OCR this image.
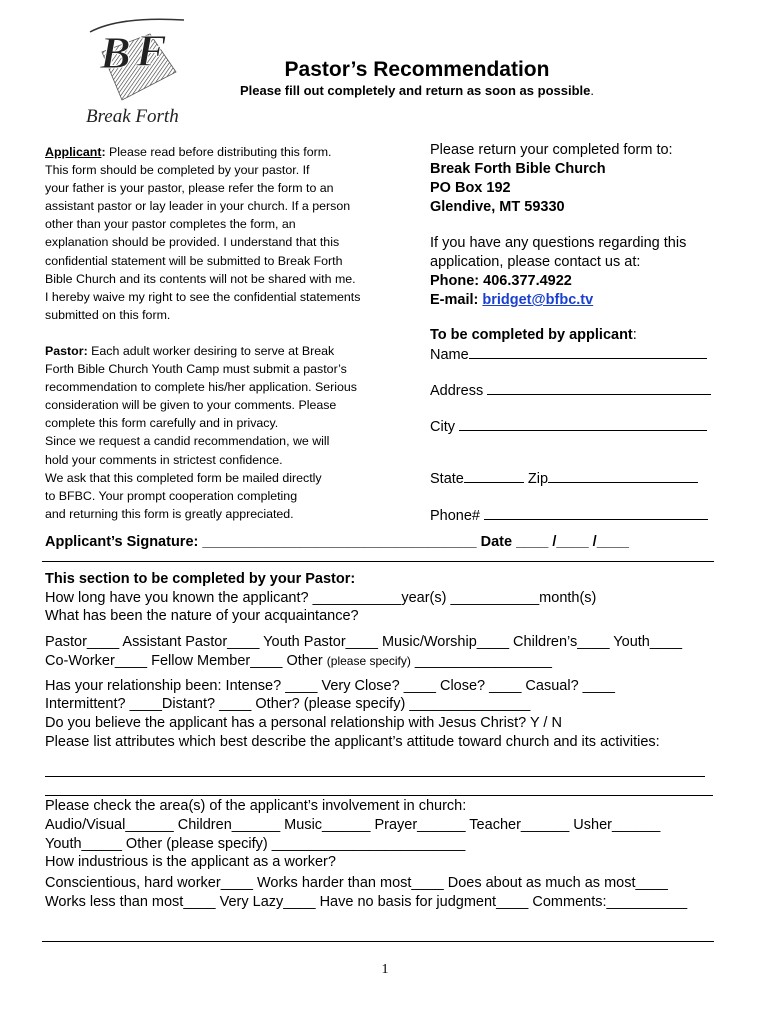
B F
Break Forth
Pastor’s Recommendation
Please fill out completely and return as soon as possible.
Applicant: Please read before distributing this form.
This form should be completed by your pastor. If
your father is your pastor, please refer the form to an
assistant pastor or lay leader in your church. If a person
other than your pastor completes the form, an
explanation should be provided. I understand that this
confidential statement will be submitted to Break Forth
Bible Church and its contents will not be shared with me.
I hereby waive my right to see the confidential statements
submitted on this form.
Pastor: Each adult worker desiring to serve at Break
Forth Bible Church Youth Camp must submit a pastor’s
recommendation to complete his/her application. Serious
consideration will be given to your comments. Please
complete this form carefully and in privacy.
Since we request a candid recommendation, we will
hold your comments in strictest confidence.
We ask that this completed form be mailed directly
to BFBC. Your prompt cooperation completing
and returning this form is greatly appreciated.
Please return your completed form to:
Break Forth Bible Church
PO Box 192
Glendive, MT 59330
If you have any questions regarding this
application, please contact us at:
Phone: 406.377.4922
E-mail: bridget@bfbc.tv
To be completed by applicant:
Name
Address
City
State	Zip
Phone#
Applicant’s Signature: __________________________________ Date ____ /____ /____
This section to be completed by your Pastor:
How long have you known the applicant? ___________year(s) ___________month(s)
What has been the nature of your acquaintance?
Pastor____ Assistant Pastor____ Youth Pastor____ Music/Worship____ Children’s____ Youth____
Co-Worker____ Fellow Member____ Other (please specify) _________________
Has your relationship been: Intense? ____ Very Close? ____ Close? ____ Casual? ____
Intermittent? ____Distant? ____ Other? (please specify) _______________
Do you believe the applicant has a personal relationship with Jesus Christ? Y / N
Please list attributes which best describe the applicant’s attitude toward church and its activities:
Please check the area(s) of the applicant’s involvement in church:
Audio/Visual______ Children______ Music______ Prayer______ Teacher______ Usher______
Youth_____ Other (please specify) ________________________
How industrious is the applicant as a worker?
Conscientious, hard worker____ Works harder than most____ Does about as much as most____
Works less than most____ Very Lazy____ Have no basis for judgment____ Comments:__________
1
